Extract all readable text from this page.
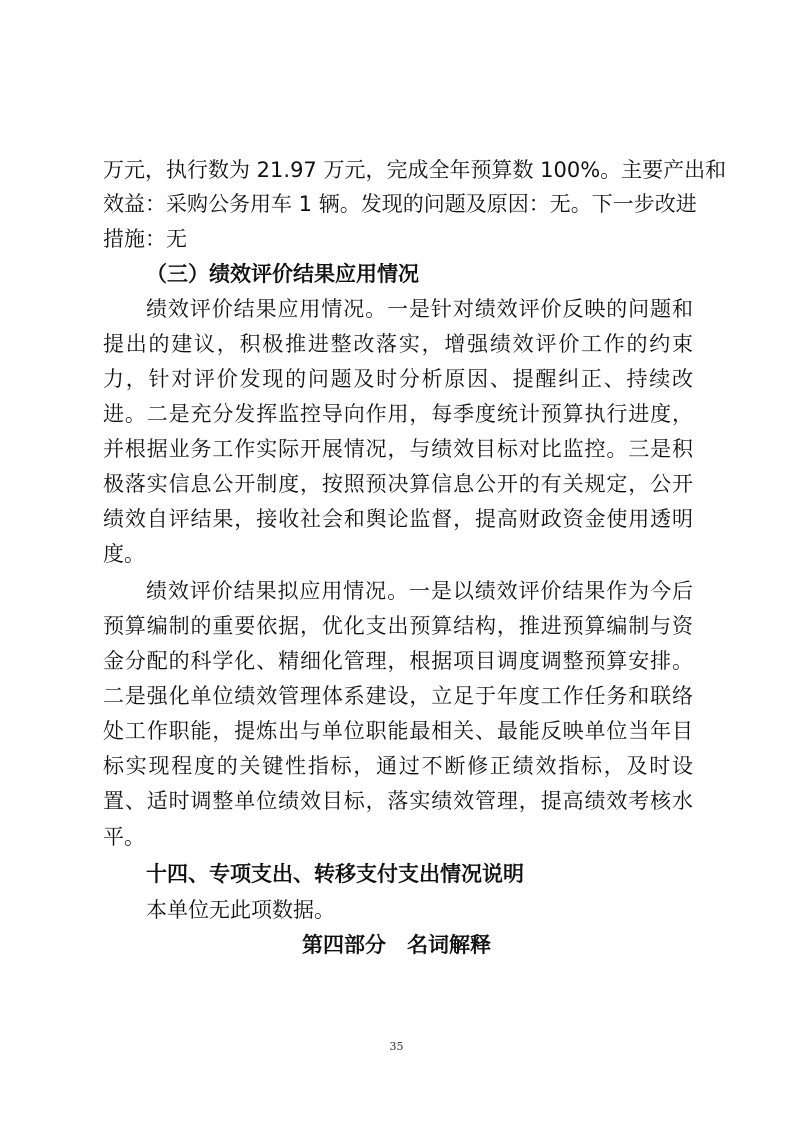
万元，执行数为 21.97 万元，完成全年预算数 100%。主要产出和
效益：采购公务用车 1 辆。发现的问题及原因：无。下一步改进
措施：无
（三）绩效评价结果应用情况
绩效评价结果应用情况。一是针对绩效评价反映的问题和
提出的建议，积极推进整改落实，增强绩效评价工作的约束
力，针对评价发现的问题及时分析原因、提醒纠正、持续改
进。二是充分发挥监控导向作用，每季度统计预算执行进度，
并根据业务工作实际开展情况，与绩效目标对比监控。三是积
极落实信息公开制度，按照预决算信息公开的有关规定，公开
绩效自评结果，接收社会和舆论监督，提高财政资金使用透明
度。
绩效评价结果拟应用情况。一是以绩效评价结果作为今后
预算编制的重要依据，优化支出预算结构，推进预算编制与资
金分配的科学化、精细化管理，根据项目调度调整预算安排。
二是强化单位绩效管理体系建设，立足于年度工作任务和联络
处工作职能，提炼出与单位职能最相关、最能反映单位当年目
标实现程度的关键性指标，通过不断修正绩效指标，及时设
置、适时调整单位绩效目标，落实绩效管理，提高绩效考核水
平。
十四、专项支出、转移支付支出情况说明
本单位无此项数据。
第四部分　名词解释
35
